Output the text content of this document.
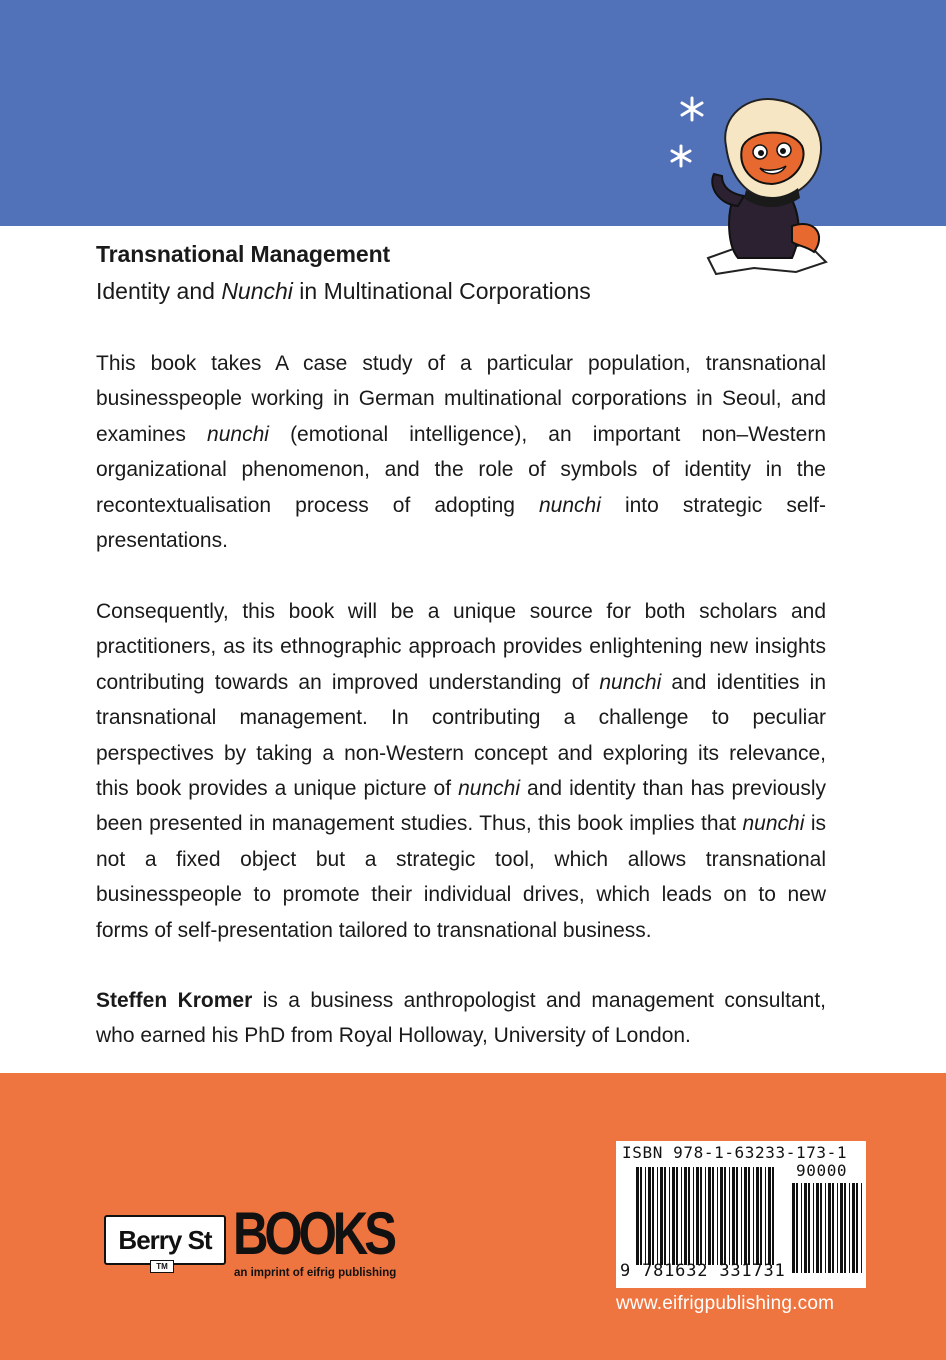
Transnational Management
Identity and Nunchi in Multinational Corporations
This book takes A case study of a particular population, transnational businesspeople working in German multinational corporations in Seoul, and examines nunchi (emotional intelligence), an important non–Western organizational phenomenon, and the role of symbols of identity in the recontextualisation process of adopting nunchi into strategic self-presentations.
Consequently, this book will be a unique source for both scholars and practitioners, as its ethnographic approach provides enlightening new insights contributing towards an improved understanding of nunchi and identities in transnational management. In contributing a challenge to peculiar perspectives by taking a non-Western concept and exploring its relevance, this book provides a unique picture of nunchi and identity than has previously been presented in management studies. Thus, this book implies that nunchi is not a fixed object but a strategic tool, which allows transnational businesspeople to promote their individual drives, which leads on to new forms of self-presentation tailored to transnational business.
Steffen Kromer is a business anthropologist and management consultant, who earned his PhD from Royal Holloway, University of London.
Berry St
TM BOOKS
an imprint of eifrig publishing
ISBN 978-1-63233-173-1
90000
9 781632 331731
www.eifrigpublishing.com
